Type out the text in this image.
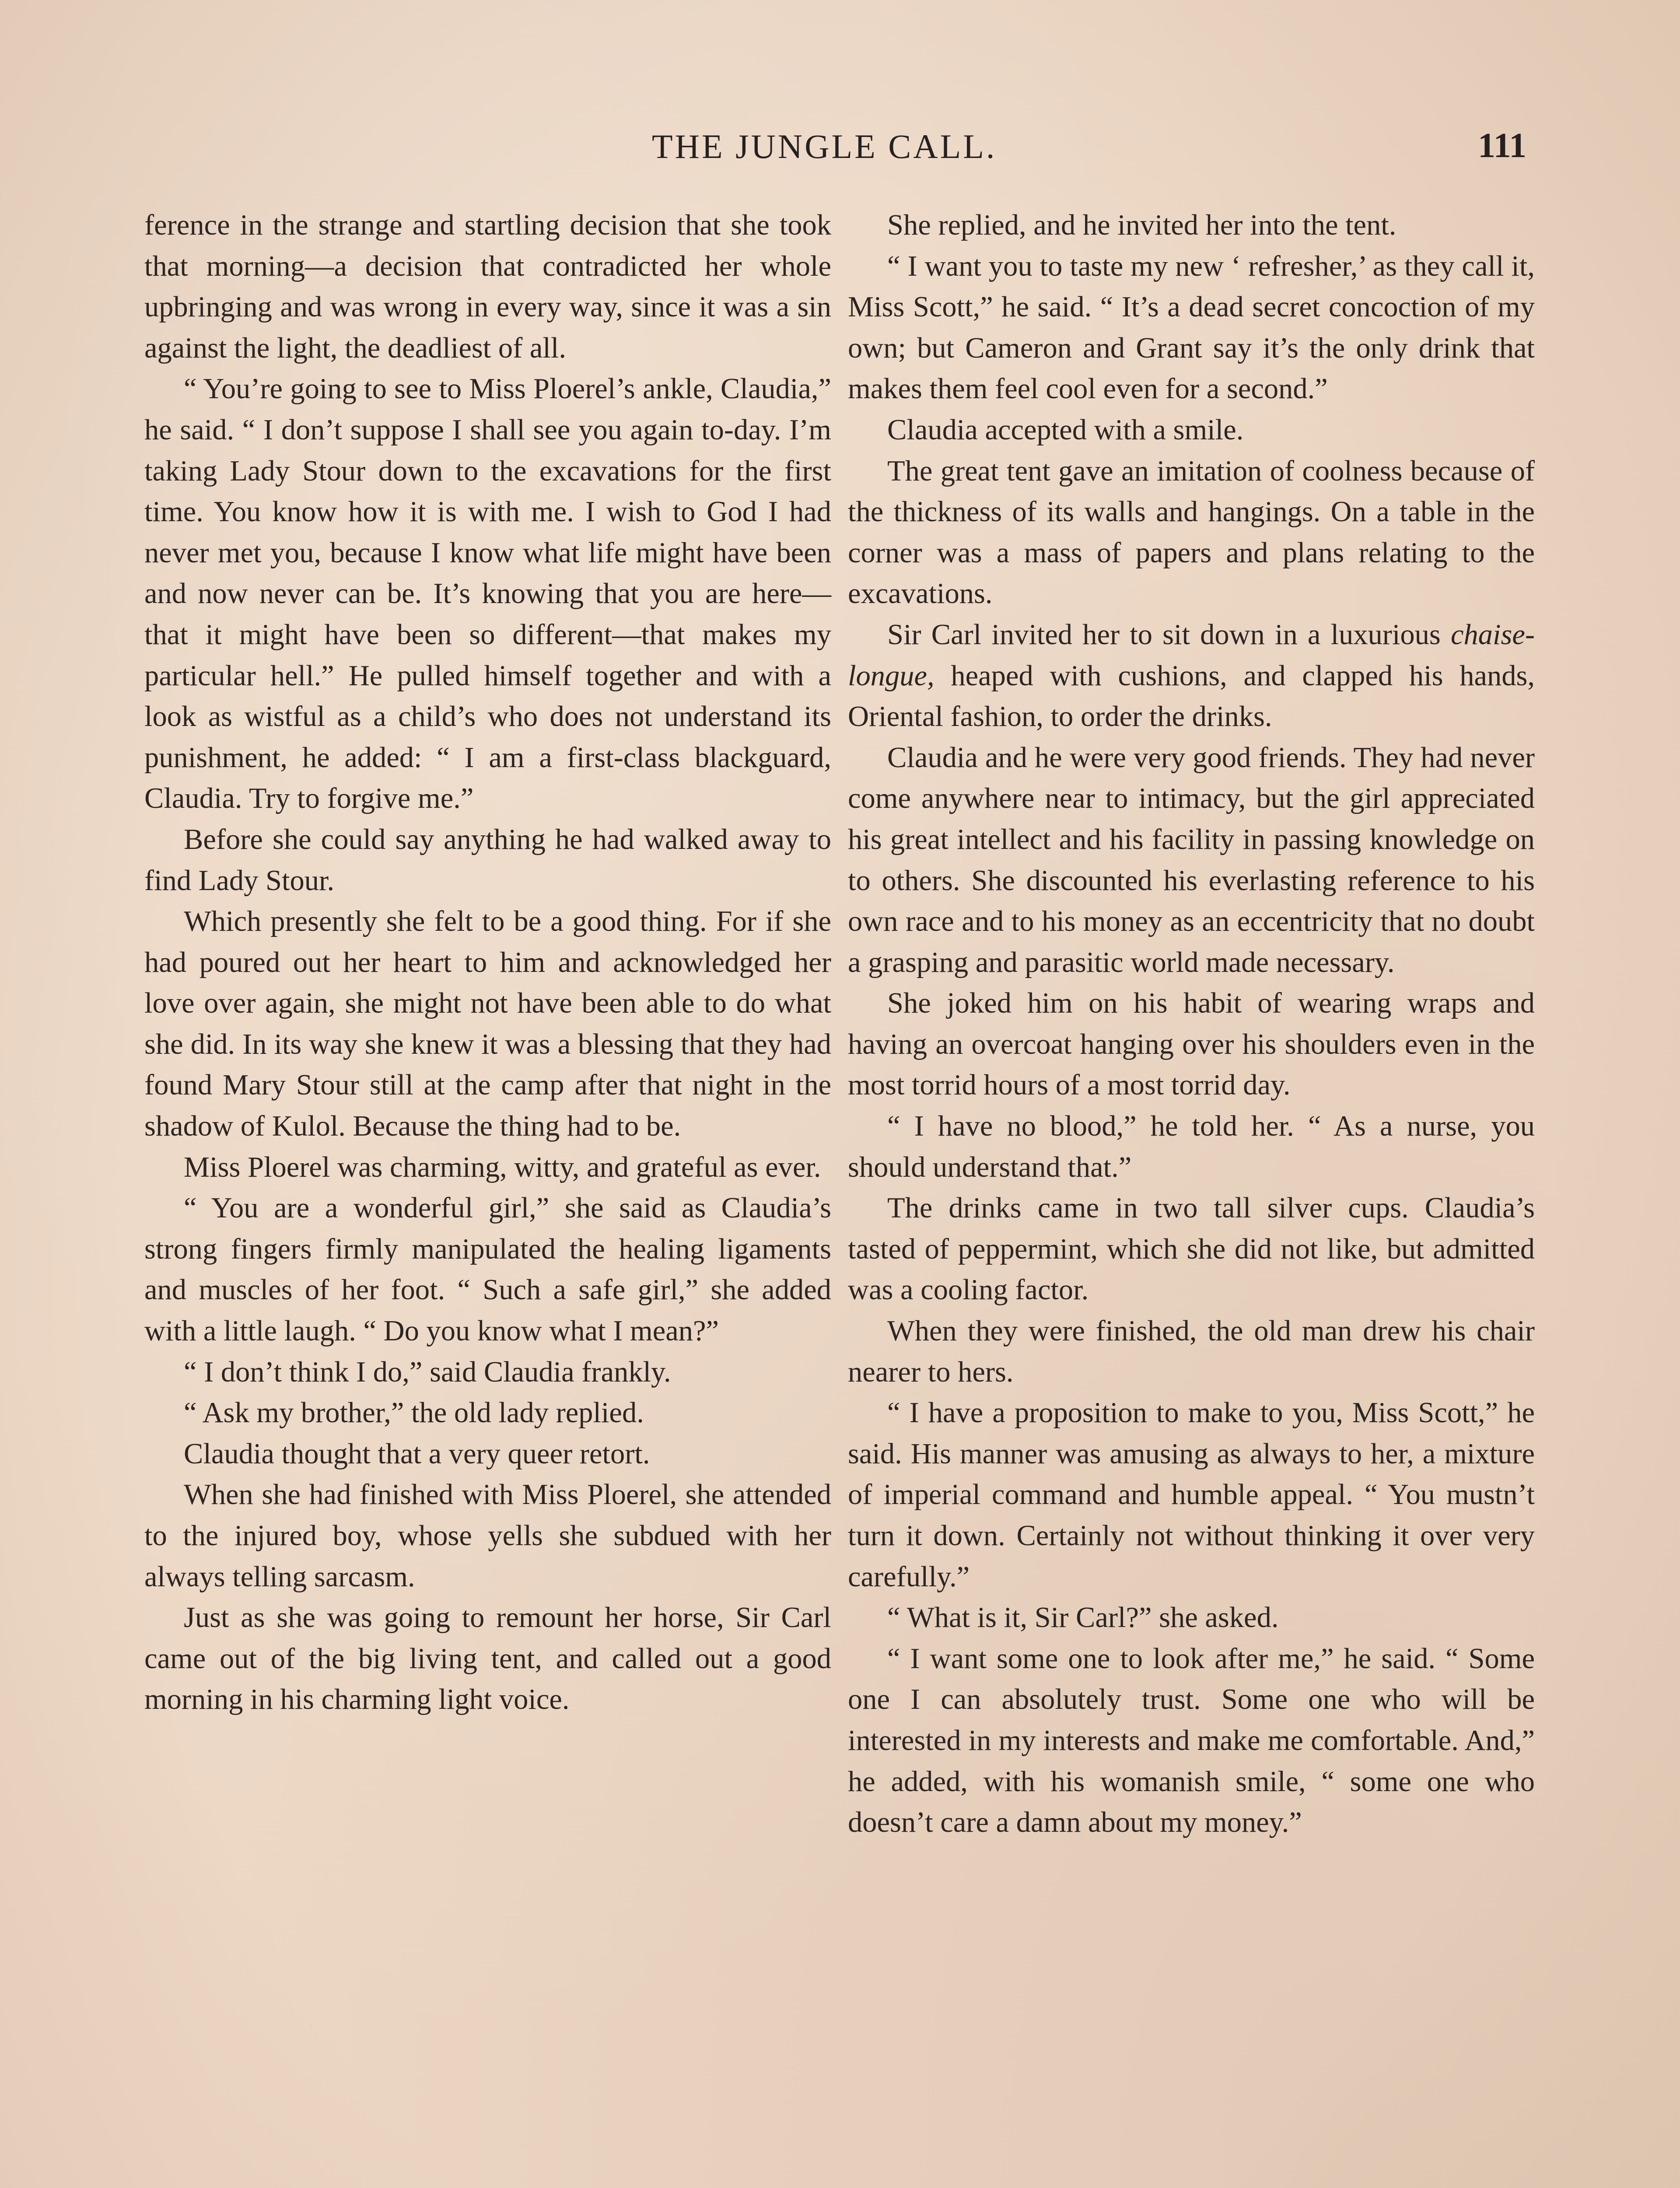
THE JUNGLE CALL.	111

ference in the strange and startling decision that she took that morning—a decision that contradicted her whole upbringing and was wrong in every way, since it was a sin against the light, the deadliest of all.

“ You’re going to see to Miss Ploerel’s ankle, Claudia,” he said. “ I don’t suppose I shall see you again to-day. I’m taking Lady Stour down to the excavations for the first time. You know how it is with me. I wish to God I had never met you, because I know what life might have been and now never can be. It’s knowing that you are here—that it might have been so different—that makes my particular hell.” He pulled himself together and with a look as wistful as a child’s who does not understand its punishment, he added: “ I am a first-class blackguard, Claudia. Try to forgive me.”

Before she could say anything he had walked away to find Lady Stour.

Which presently she felt to be a good thing. For if she had poured out her heart to him and acknowledged her love over again, she might not have been able to do what she did. In its way she knew it was a blessing that they had found Mary Stour still at the camp after that night in the shadow of Kulol. Because the thing had to be.

Miss Ploerel was charming, witty, and grateful as ever.

“ You are a wonderful girl,” she said as Claudia’s strong fingers firmly manipulated the healing ligaments and muscles of her foot. “ Such a safe girl,” she added with a little laugh. “ Do you know what I mean?”

“ I don’t think I do,” said Claudia frankly.

“ Ask my brother,” the old lady replied.

Claudia thought that a very queer retort.

When she had finished with Miss Ploerel, she attended to the injured boy, whose yells she subdued with her always telling sarcasm.

Just as she was going to remount her horse, Sir Carl came out of the big living tent, and called out a good morning in his charming light voice.

She replied, and he invited her into the tent.

“ I want you to taste my new ‘ refresher,’ as they call it, Miss Scott,” he said. “ It’s a dead secret concoction of my own; but Cameron and Grant say it’s the only drink that makes them feel cool even for a second.”

Claudia accepted with a smile.

The great tent gave an imitation of coolness because of the thickness of its walls and hangings. On a table in the corner was a mass of papers and plans relating to the excavations.

Sir Carl invited her to sit down in a luxurious chaise-longue, heaped with cushions, and clapped his hands, Oriental fashion, to order the drinks.

Claudia and he were very good friends. They had never come anywhere near to intimacy, but the girl appreciated his great intellect and his facility in passing knowledge on to others. She discounted his everlasting reference to his own race and to his money as an eccentricity that no doubt a grasping and parasitic world made necessary.

She joked him on his habit of wearing wraps and having an overcoat hanging over his shoulders even in the most torrid hours of a most torrid day.

“ I have no blood,” he told her. “ As a nurse, you should understand that.”

The drinks came in two tall silver cups. Claudia’s tasted of peppermint, which she did not like, but admitted was a cooling factor.

When they were finished, the old man drew his chair nearer to hers.

“ I have a proposition to make to you, Miss Scott,” he said. His manner was amusing as always to her, a mixture of imperial command and humble appeal. “ You mustn’t turn it down. Certainly not without thinking it over very carefully.”

“ What is it, Sir Carl?” she asked.

“ I want some one to look after me,” he said. “ Some one I can absolutely trust. Some one who will be interested in my interests and make me comfortable. And,” he added, with his womanish smile, “ some one who doesn’t care a damn about my money.”
